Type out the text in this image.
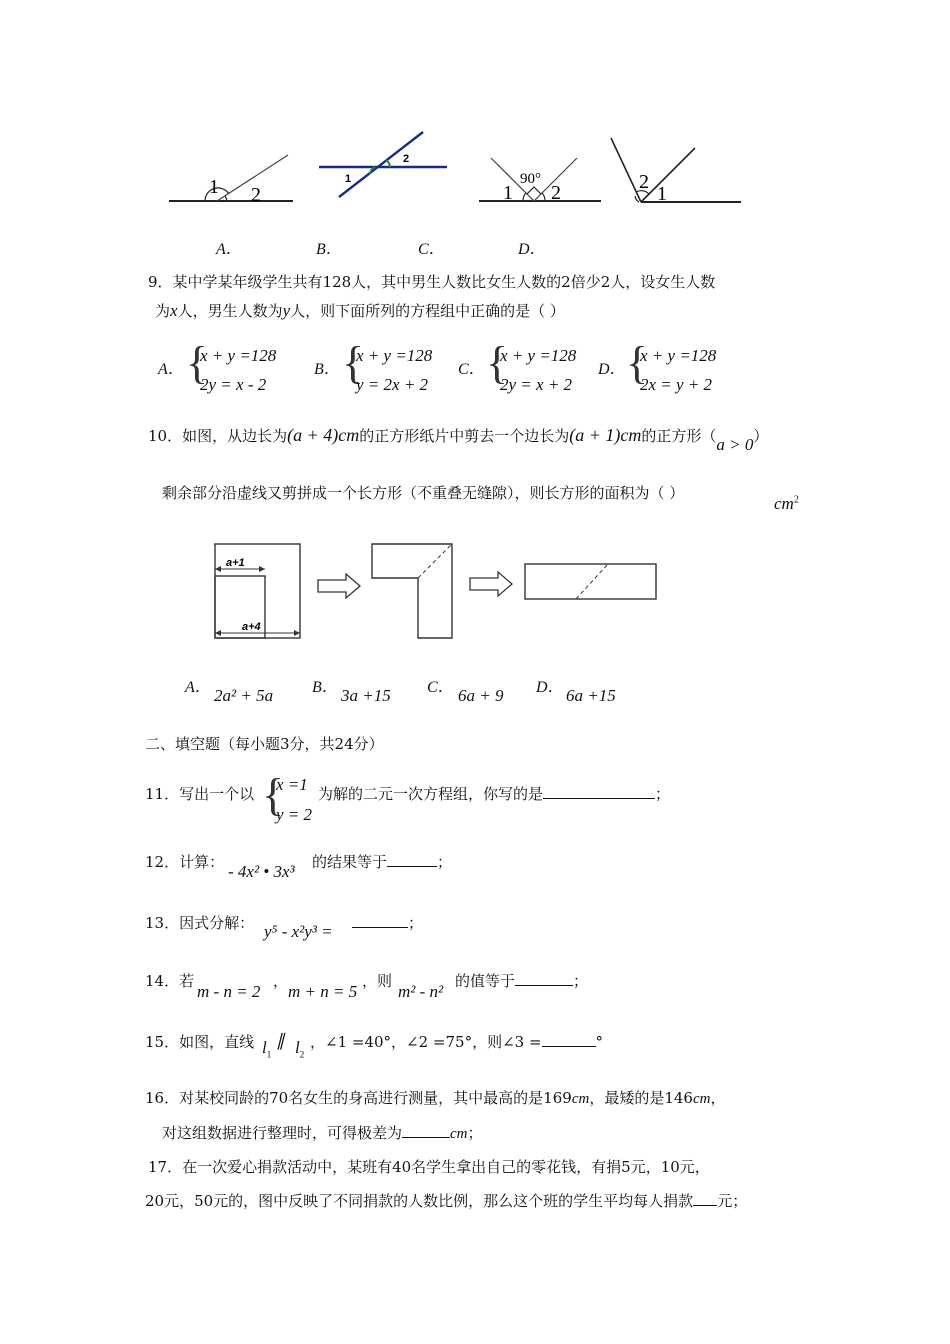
1 2
1
2
90°
1 2	2
1
A．	B．	C．	D．
9．某中学某年级学生共有128人，其中男生人数比女生人数的2倍少2人，设女生人数
为x人，男生人数为y人，则下面所列的方程组中正确的是（ ）
A． {
x + y =128
2y = x - 2
B． {
x + y =128
y = 2x + 2
C． {
x + y =128
2y = x + 2
D． {
x + y =128
2x = y + 2
10．如图，从边长为(a + 4)cm的正方形纸片中剪去一个边长为(a + 1)cm的正方形（a > 0）
剩余部分沿虚线又剪拼成一个长方形（不重叠无缝隙），则长方形的面积为（ ）
$cm^2$
a+1
a+4
A． 2a² + 5a B． 3a +15 C． 6a + 9 D． 6a +15
二、填空题（每小题3分，共24分）
11．写出一个以 {
x =1
y = 2
为解的二元一次方程组，你写的是	；
12．计算： - 4x² • 3x³ 的结果等于	；
13．因式分解： y⁵ - x²y³ =	；
14．若
m - n = 2
，
m + n = 5
，则
m² - n²
的值等于	；
15．如图，直线 $l_1$
∥ $l_2$
，∠1 =40°，∠2 =75°，则∠3 =	°
16．对某校同龄的70名女生的身高进行测量，其中最高的是169cm，最矮的是146cm，
对这组数据进行整理时，可得极差为	cm；
17．在一次爱心捐款活动中，某班有40名学生拿出自己的零花钱，有捐5元，10元，
20元，50元的，图中反映了不同捐款的人数比例，那么这个班的学生平均每人捐款 元；
